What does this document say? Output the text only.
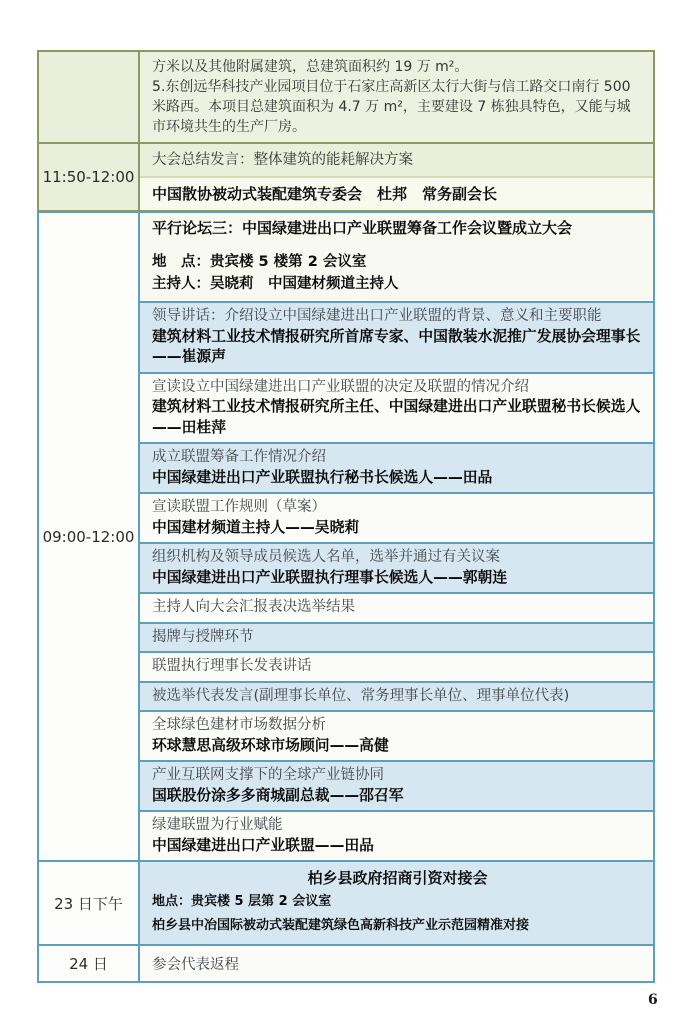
方米以及其他附属建筑，总建筑面积约 19 万 m²。
5.东创远华科技产业园项目位于石家庄高新区太行大街与信工路交口南行 500 米路西。本项目总建筑面积为 4.7 万 m²，主要建设 7 栋独具特色，又能与城市环境共生的生产厂房。
11:50-12:00
大会总结发言：整体建筑的能耗解决方案
中国散协被动式装配建筑专委会　杜邦　常务副会长
09:00-12:00
平行论坛三：中国绿建进出口产业联盟筹备工作会议暨成立大会
地　点：贵宾楼 5 楼第 2 会议室
主持人：吴晓莉　中国建材频道主持人
领导讲话：介绍设立中国绿建进出口产业联盟的背景、意义和主要职能
建筑材料工业技术情报研究所首席专家、中国散装水泥推广发展协会理事长——崔源声
宣读设立中国绿建进出口产业联盟的决定及联盟的情况介绍
建筑材料工业技术情报研究所主任、中国绿建进出口产业联盟秘书长候选人——田桂萍
成立联盟筹备工作情况介绍
中国绿建进出口产业联盟执行秘书长候选人——田品
宣读联盟工作规则（草案）
中国建材频道主持人——吴晓莉
组织机构及领导成员候选人名单，选举并通过有关议案
中国绿建进出口产业联盟执行理事长候选人——郭朝连
主持人向大会汇报表决选举结果
揭牌与授牌环节
联盟执行理事长发表讲话
被选举代表发言(副理事长单位、常务理事长单位、理事单位代表)
全球绿色建材市场数据分析
环球慧思高级环球市场顾问——高健
产业互联网支撑下的全球产业链协同
国联股份涂多多商城副总裁——邵召军
绿建联盟为行业赋能
中国绿建进出口产业联盟——田品
23 日下午
柏乡县政府招商引资对接会
地点：贵宾楼 5 层第 2 会议室
柏乡县中冶国际被动式装配建筑绿色高新科技产业示范园精准对接
24 日	参会代表返程
6
